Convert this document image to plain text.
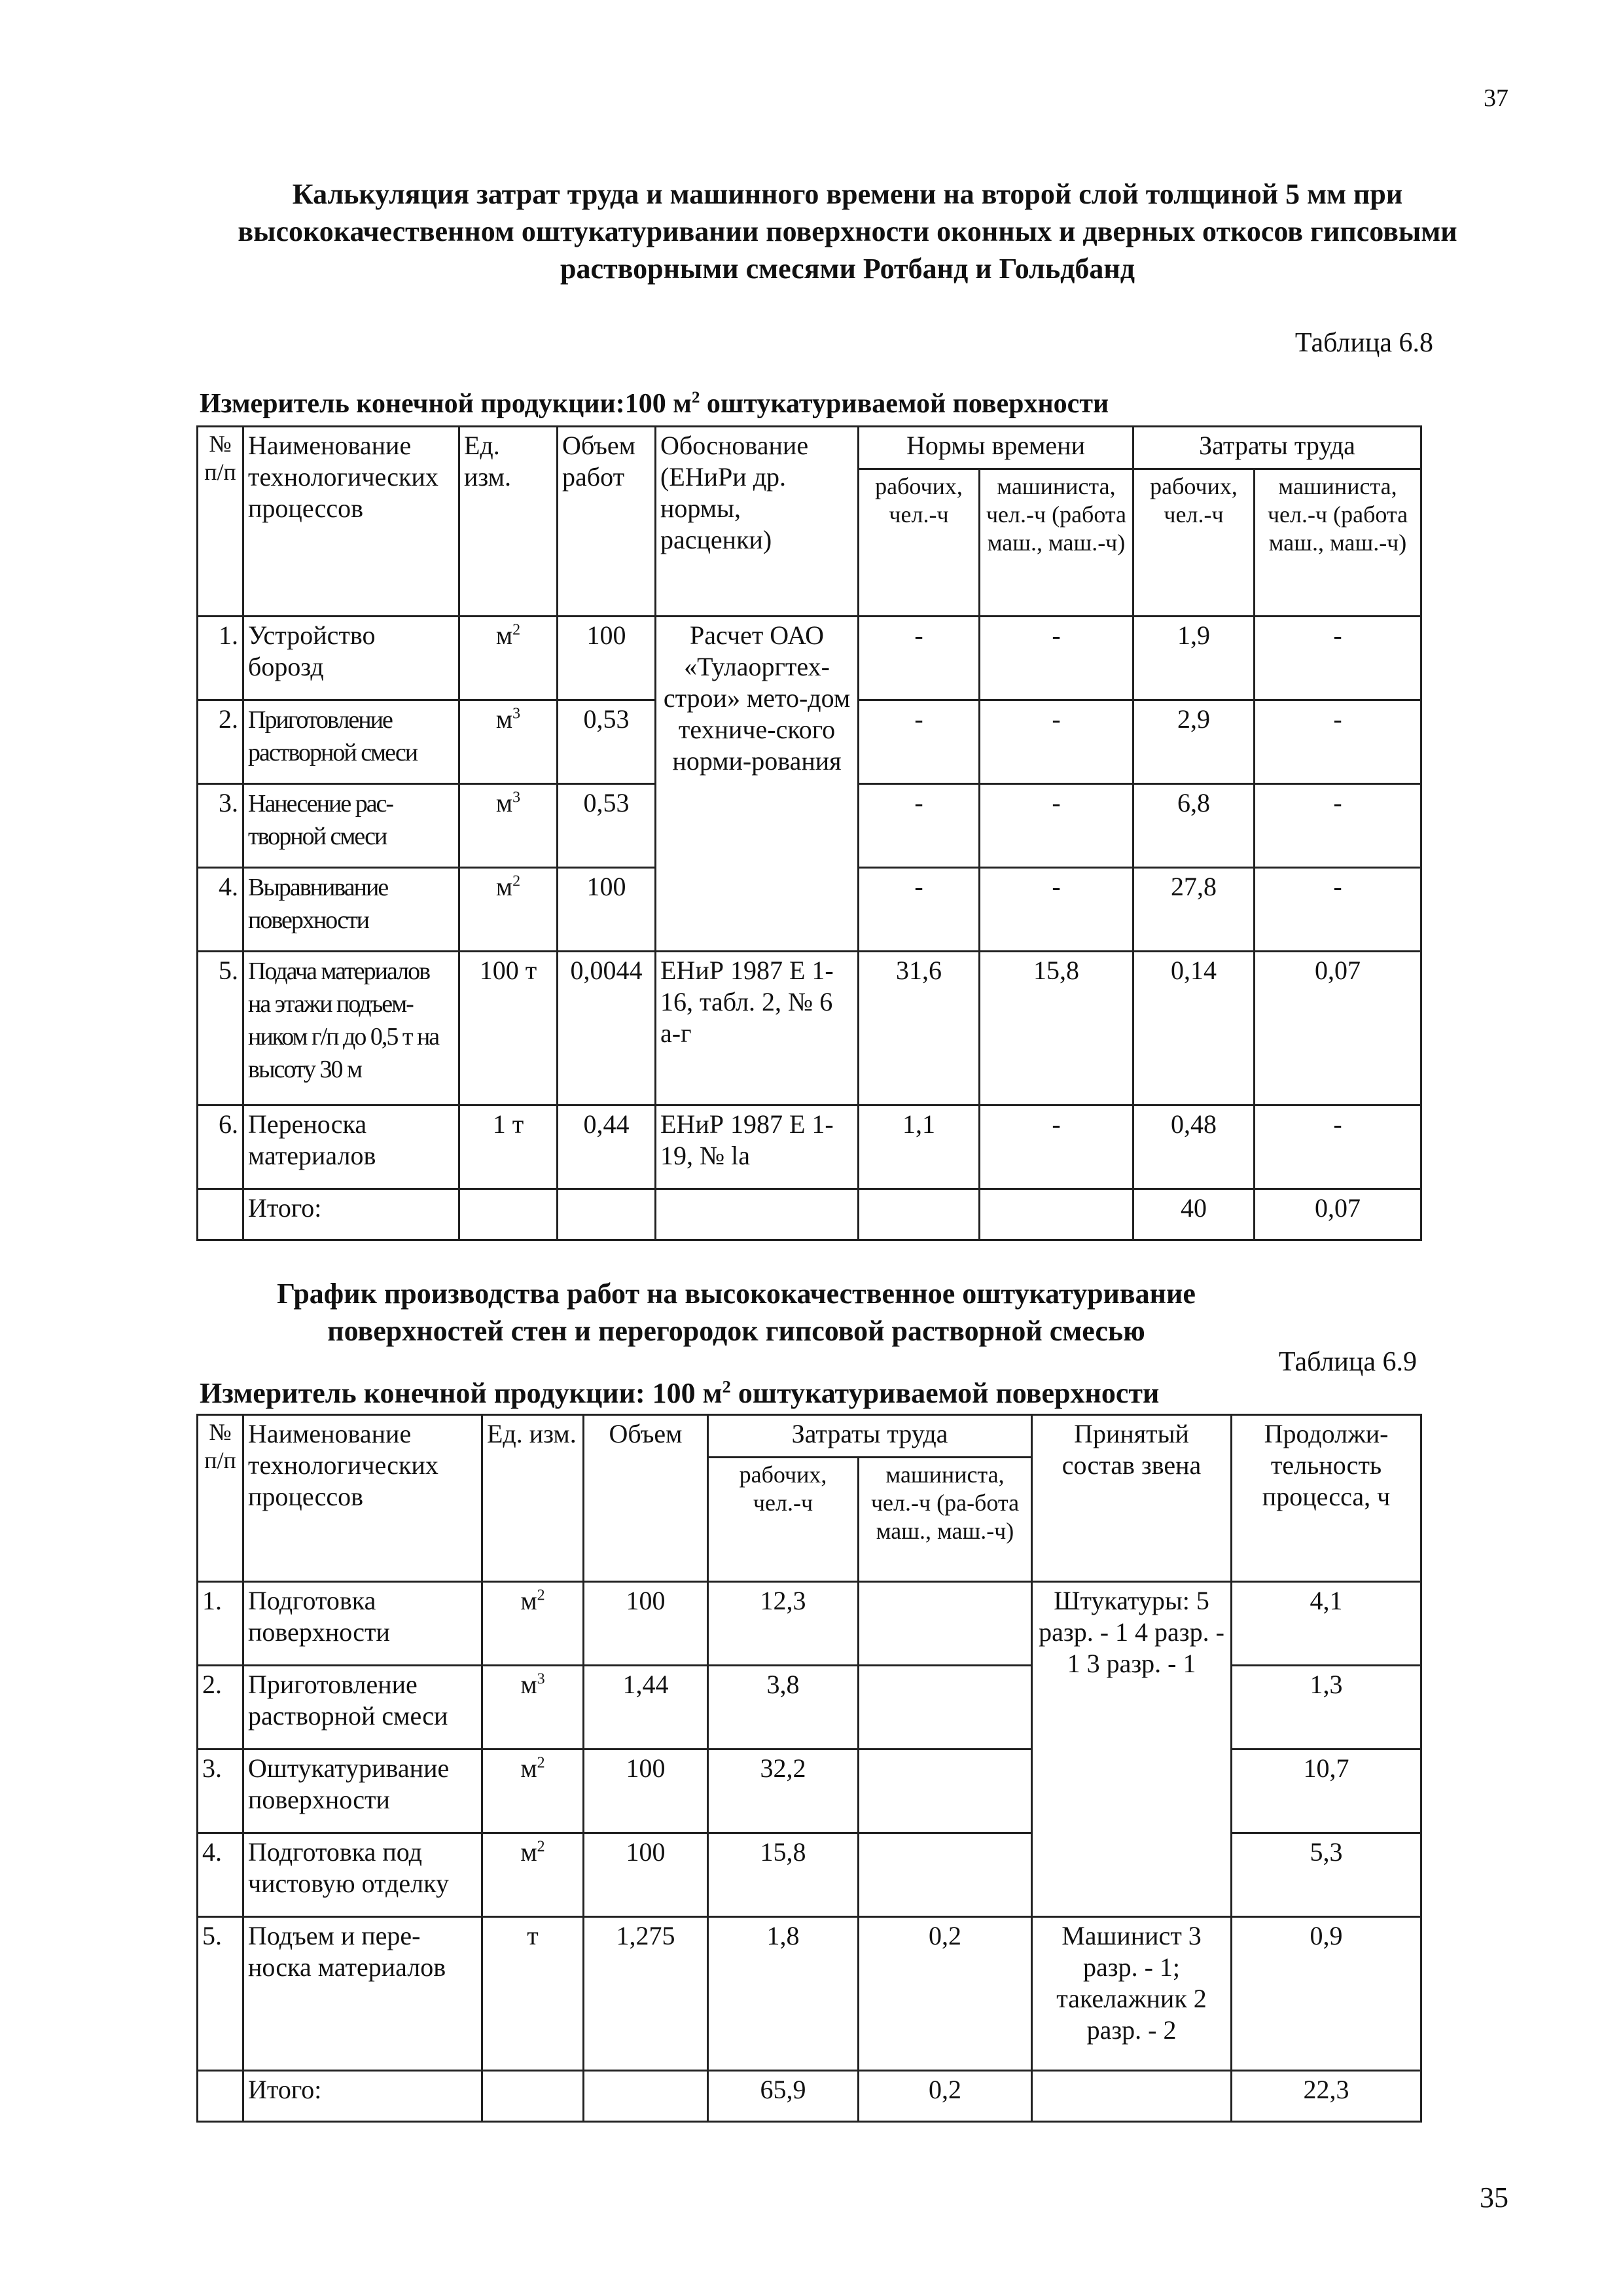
37
Калькуляция затрат труда и машинного времени на второй слой толщиной 5 мм при высококачественном оштукатуривании поверхности оконных и дверных откосов гипсовыми растворными смесями Ротбанд и Гольдбанд
Таблица 6.8
Измеритель конечной продукции:100 $м^2$ оштукатуриваемой поверхности
№ п/п	Наименование технологических процессов	Ед. изм.	Объем работ	Обоснование (ЕНиРи др. нормы, расценки)	Нормы времени		Затраты труда	
					рабочих, чел.-ч	машиниста, чел.-ч (работа маш., маш.-ч)	рабочих, чел.-ч	машиниста, чел.-ч (работа маш., маш.-ч)
1.	Устройство борозд	$м^2$	100	Расчет ОАО «Тулаоргтех-строи» мето-дом техниче-ского норми-рования	-	-	1,9	-
2.	Приготовление растворной смеси	$м^3$	0,53		-	-	2,9	-
3.	Нанесение рас-творной смеси	$м^3$	0,53		-	-	6,8	-
4.	Выравнивание поверхности	$м^2$	100		-	-	27,8	-
5.	Подача материалов на этажи подъем-ником г/п до 0,5 т на высоту 30 м	100 т	0,0044	ЕНиР 1987 Е 1-16, табл. 2, № 6 а-г	31,6	15,8	0,14	0,07
6.	Переноска материалов	1 т	0,44	ЕНиР 1987 Е 1-19, № la	1,1	-	0,48	-
	Итого:						40	0,07
График производства работ на высококачественное оштукатуривание поверхностей стен и перегородок гипсовой растворной смесью
Таблица 6.9
Измеритель конечной продукции: 100 $м^2$ оштукатуриваемой поверхности
№ п/п	Наименование технологических процессов	Ед. изм.	Объем	Затраты труда		Принятый состав звена	Продолжи-тельность процесса, ч
				рабочих, чел.-ч	машиниста, чел.-ч (ра-бота маш., маш.-ч)		
1.	Подготовка поверхности	$м^2$	100	12,3		Штукатуры: 5 разр. - 1 4 разр. - 1 3 разр. - 1	4,1
2.	Приготовление растворной смеси	$м^3$	1,44	3,8			1,3
3.	Оштукатуривание поверхности	$м^2$	100	32,2			10,7
4.	Подготовка под чистовую отделку	$м^2$	100	15,8			5,3
5.	Подъем и пере-носка материалов	т	1,275	1,8	0,2	Машинист 3 разр. - 1; такелажник 2 разр. - 2	0,9
	Итого:			65,9	0,2		22,3
35
